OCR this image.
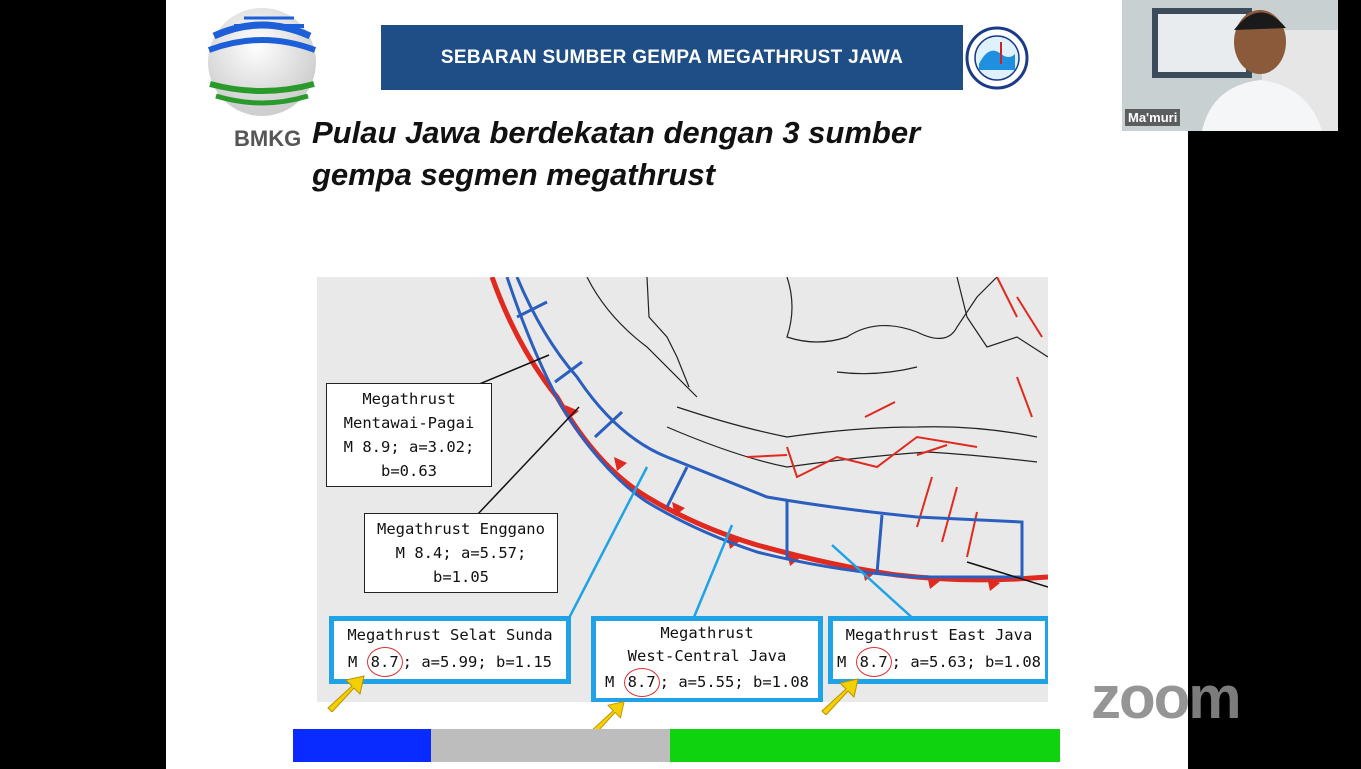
BMKG
SEBARAN SUMBER GEMPA MEGATHRUST JAWA
Pulau Jawa berdekatan dengan 3 sumber
gempa segmen megathrust
Megathrust
Mentawai-Pagai
M 8.9; a=3.02;
b=0.63
Megathrust Enggano
M 8.4; a=5.57;
b=1.05
Megathrust Selat Sunda
M 8.7 ; a=5.99; b=1.15
Megathrust
West-Central Java
M 8.7 ; a=5.55; b=1.08
Megathrust East Java
M 8.7 ; a=5.63; b=1.08
Ma'muri
zoom
